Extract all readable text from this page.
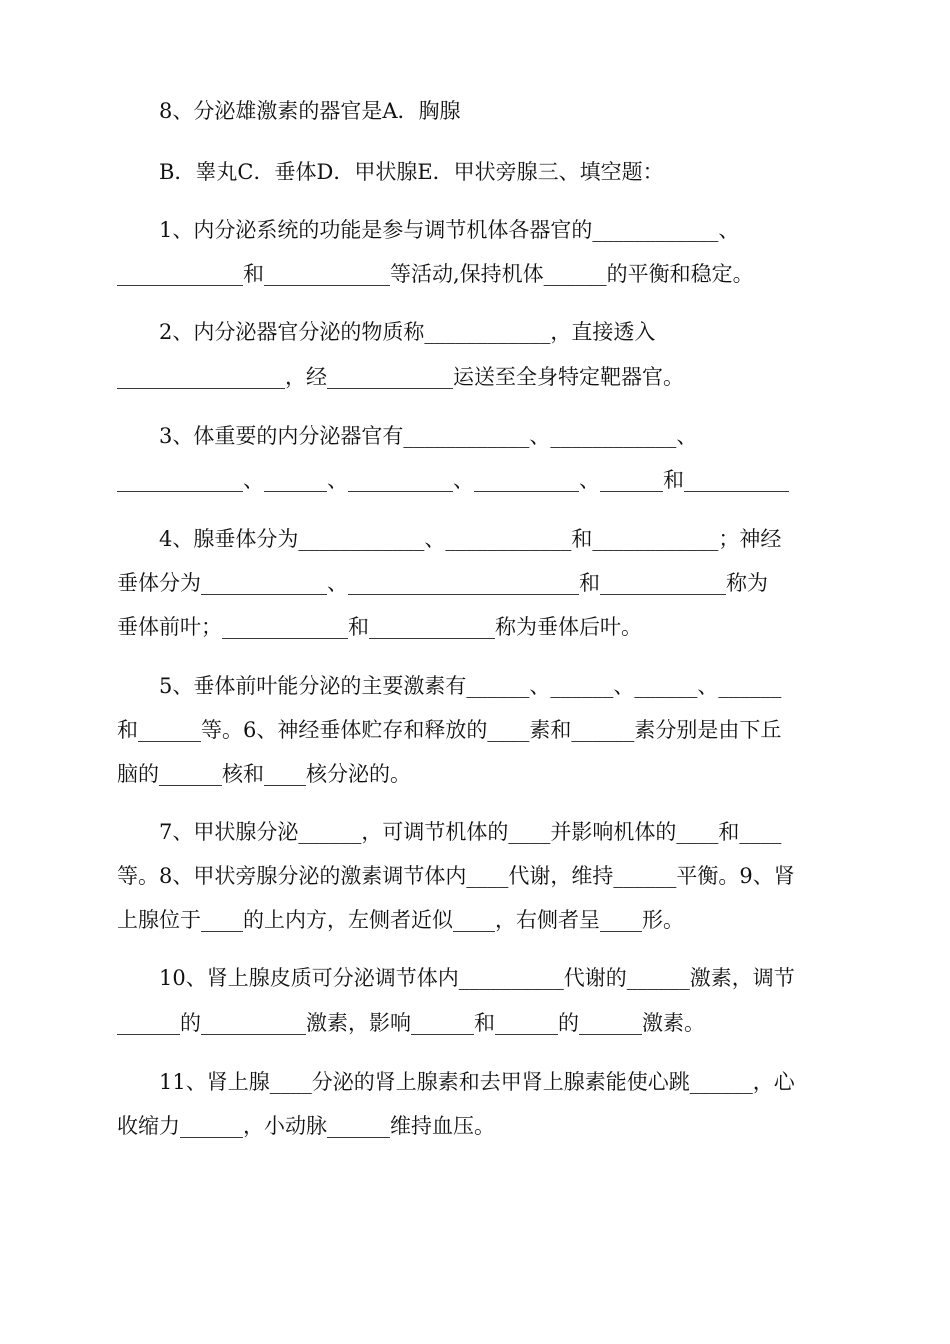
8、分泌雄激素的器官是A．胸腺
B．睾丸C．垂体D．甲状腺E．甲状旁腺三、填空题：
1、内分泌系统的功能是参与调节机体各器官的____________、
____________和____________等活动,保持机体______的平衡和稳定。
2、内分泌器官分泌的物质称____________，直接透入
________________，经____________运送至全身特定靶器官。
3、体重要的内分泌器官有____________、____________、
____________、______、__________、__________、______和__________
4、腺垂体分为____________、____________和____________；神经
垂体分为____________、______________________和____________称为
垂体前叶；____________和____________称为垂体后叶。
5、垂体前叶能分泌的主要激素有______、______、______、______
和______等。6、神经垂体贮存和释放的____素和______素分别是由下丘
脑的______核和____核分泌的。
7、甲状腺分泌______，可调节机体的____并影响机体的____和____
等。8、甲状旁腺分泌的激素调节体内____代谢，维持______平衡。9、肾
上腺位于____的上内方，左侧者近似____，右侧者呈____形。
10、肾上腺皮质可分泌调节体内__________代谢的______激素，调节
______的__________激素，影响______和______的______激素。
11、肾上腺____分泌的肾上腺素和去甲肾上腺素能使心跳______，心
收缩力______，小动脉______维持血压。
